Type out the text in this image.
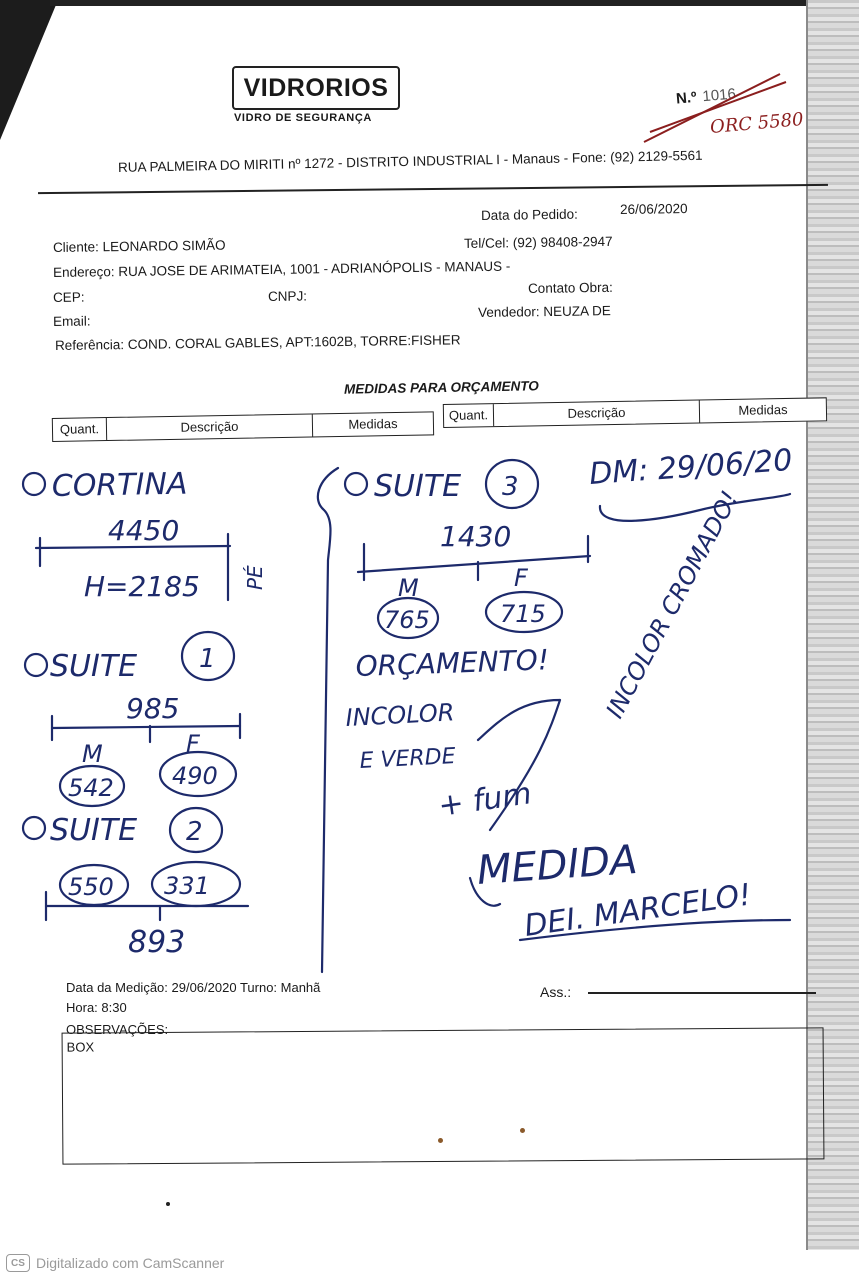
VIDRORIOS
VIDRO DE SEGURANÇA
N.º 1016
ORC 5580
RUA PALMEIRA DO MIRITI nº 1272 - DISTRITO INDUSTRIAL I - Manaus - Fone: (92) 2129-5561
Data do Pedido:	26/06/2020
Cliente: LEONARDO SIMÃO	Tel/Cel: (92) 98408-2947
Endereço: RUA JOSE DE ARIMATEIA, 1001 - ADRIANÓPOLIS - MANAUS -
CEP:	CNPJ:
Contato Obra:
Email:
Vendedor: NEUZA DE
Referência: COND. CORAL GABLES, APT:1602B, TORRE:FISHER
MEDIDAS PARA ORÇAMENTO
Quant.	Descrição	Medidas
Quant.	Descrição	Medidas
CORTINA
4450
H=2185 PÉ
SUITE 1
985
M	F
542 490
SUITE 2
550 331
893
SUITE 3
1430
M	F
765	715
ORÇAMENTO!
INCOLOR
E VERDE
+ fum
DM: 29/06/20
INCOLOR CROMADO!
MEDIDA
DEI. MARCELO!
Data da Medição: 29/06/2020 Turno: Manhã
Hora: 8:30
Ass.:
OBSERVAÇÕES:
BOX
CS Digitalizado com CamScanner
